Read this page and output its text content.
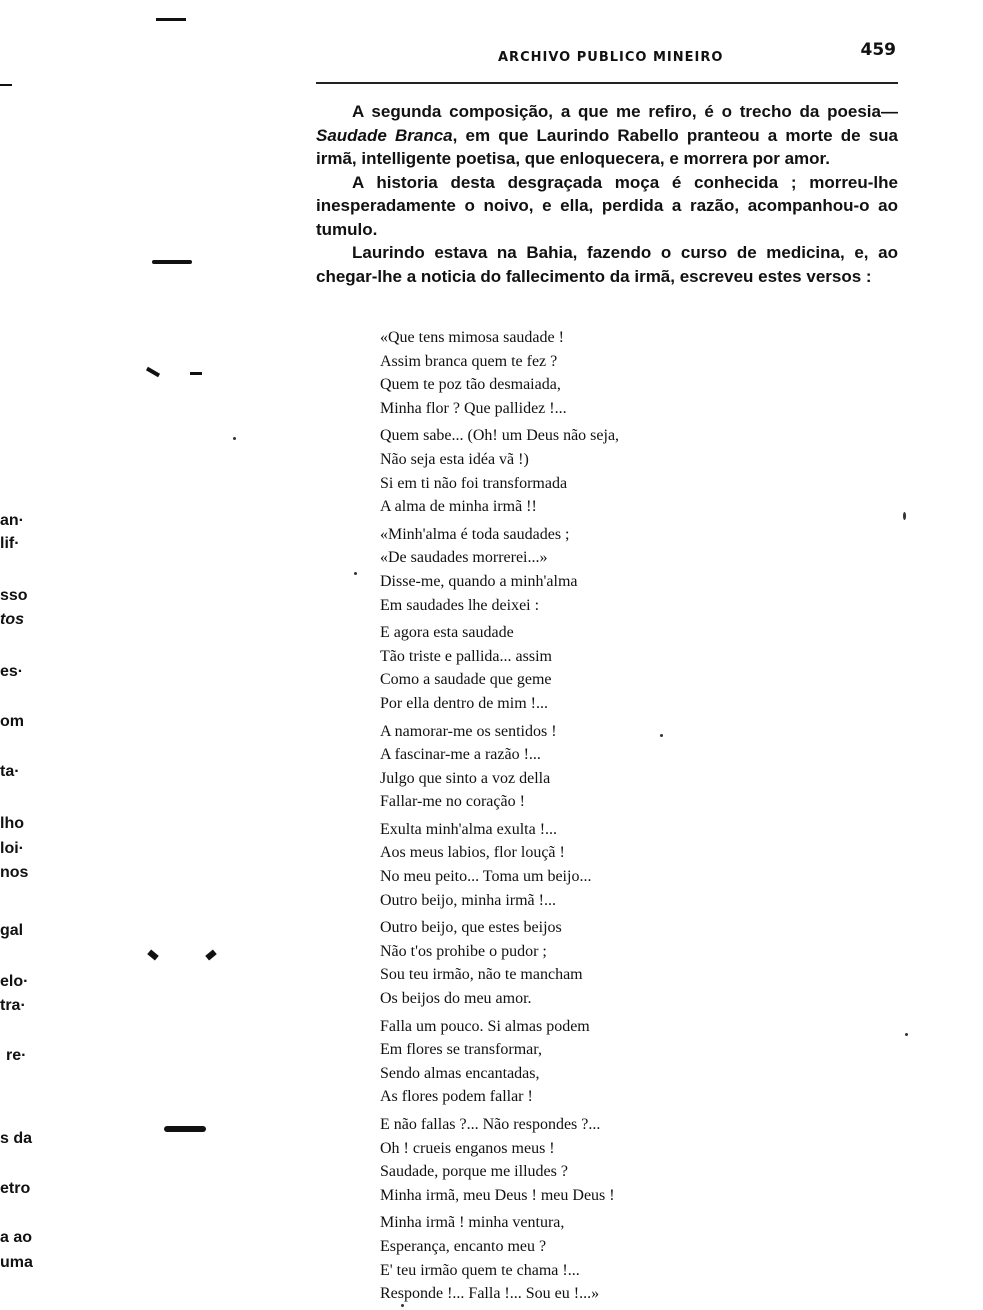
ARCHIVO PUBLICO MINEIRO	459

A segunda composição, a que me refiro, é o trecho da poesia—Saudade Branca, em que Laurindo Rabello pranteou a morte de sua irmã, intelligente poetisa, que enloquecera, e morrera por amor.

A historia desta desgraçada moça é conhecida ; morreu-lhe inesperadamente o noivo, e ella, perdida a razão, acompanhou-o ao tumulo.

Laurindo estava na Bahia, fazendo o curso de medicina, e, ao chegar-lhe a noticia do fallecimento da irmã, escreveu estes versos :

«Que tens mimosa saudade !
Assim branca quem te fez ?
Quem te poz tão desmaiada,
Minha flor ? Que pallidez !...
Quem sabe... (Oh! um Deus não seja,
Não seja esta idéa vã !)
Si em ti não foi transformada
A alma de minha irmã !!
«Minh'alma é toda saudades ;
«De saudades morrerei...»
Disse-me, quando a minh'alma
Em saudades lhe deixei :
E agora esta saudade
Tão triste e pallida... assim
Como a saudade que geme
Por ella dentro de mim !...
A namorar-me os sentidos !
A fascinar-me a razão !...
Julgo que sinto a voz della
Fallar-me no coração !
Exulta minh'alma exulta !...
Aos meus labios, flor louçã !
No meu peito... Toma um beijo...
Outro beijo, minha irmã !...
Outro beijo, que estes beijos
Não t'os prohibe o pudor ;
Sou teu irmão, não te mancham
Os beijos do meu amor.
Falla um pouco. Si almas podem
Em flores se transformar,
Sendo almas encantadas,
As flores podem fallar !
E não fallas ?... Não respondes ?...
Oh ! crueis enganos meus !
Saudade, porque me illudes ?
Minha irmã, meu Deus ! meu Deus !
Minha irmã ! minha ventura,
Esperança, encanto meu ?
E' teu irmão quem te chama !...
Responde !... Falla !... Sou eu !...»
an·
lif·
sso
tos
es·
om
ta·
lho
loi·
nos
gal
elo·
tra·
re·
s da
etro
a ao
uma
